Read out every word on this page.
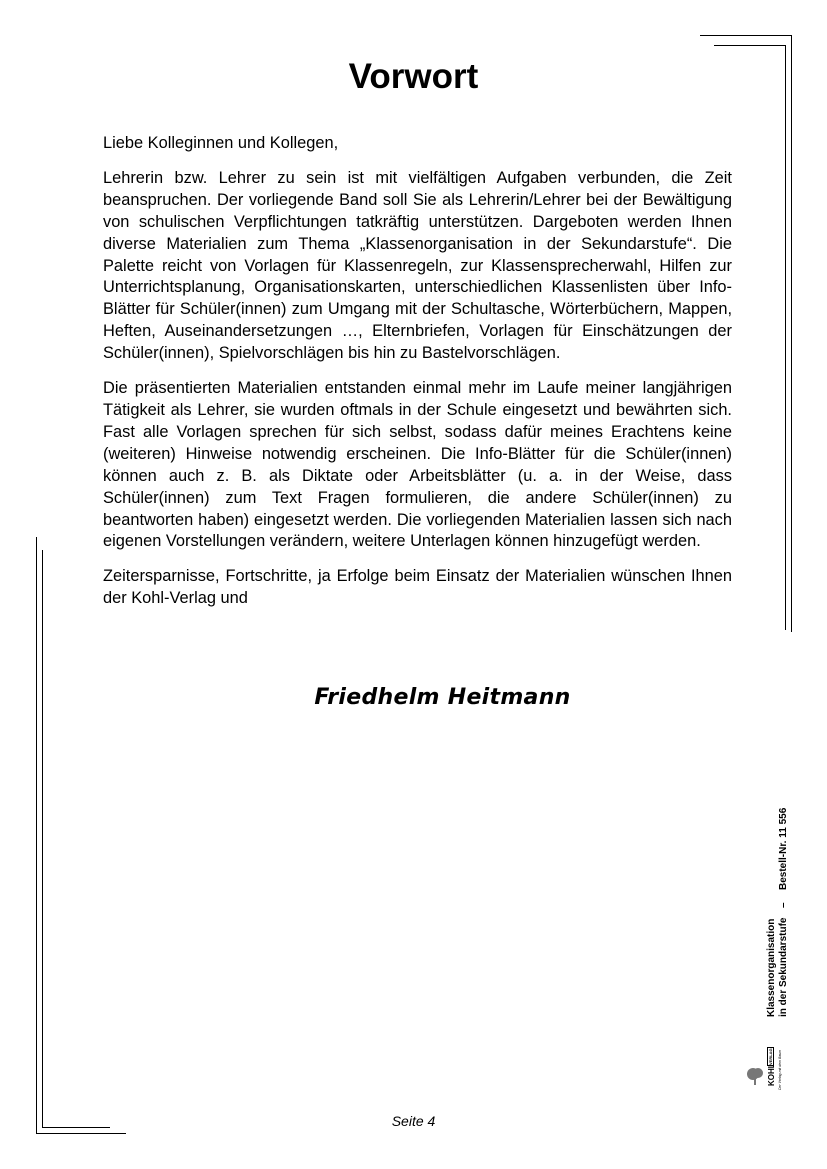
Vorwort

Liebe Kolleginnen und Kollegen,

Lehrerin bzw. Lehrer zu sein ist mit vielfältigen Aufgaben verbunden, die Zeit beanspruchen. Der vorliegende Band soll Sie als Lehrerin/Lehrer bei der Bewältigung von schulischen Verpflichtungen tatkräftig unterstützen. Dargeboten werden Ihnen diverse Materialien zum Thema „Klassenorganisation in der Sekundarstufe“. Die Palette reicht von Vorlagen für Klassenregeln, zur Klassensprecherwahl, Hilfen zur Unterrichtsplanung, Organisationskarten, unterschiedlichen Klassenlisten über Info-Blätter für Schüler(innen) zum Umgang mit der Schultasche, Wörterbüchern, Mappen, Heften, Auseinandersetzungen …, Elternbriefen, Vorlagen für Einschätzungen der Schüler(innen), Spielvorschlägen bis hin zu Bastelvorschlägen.

Die präsentierten Materialien entstanden einmal mehr im Laufe meiner langjährigen Tätigkeit als Lehrer, sie wurden oftmals in der Schule eingesetzt und bewährten sich. Fast alle Vorlagen sprechen für sich selbst, sodass dafür meines Erachtens keine (weiteren) Hinweise notwendig erscheinen. Die Info-Blätter für die Schüler(innen) können auch z. B. als Diktate oder Arbeitsblätter (u. a. in der Weise, dass Schüler(innen) zum Text Fragen formulieren, die andere Schüler(innen) zu beantworten haben) eingesetzt werden. Die vorliegenden Materialien lassen sich nach eigenen Vorstellungen verändern, weitere Unterlagen können hinzugefügt werden.

Zeitersparnisse, Fortschritte, ja Erfolge beim Einsatz der Materialien wünschen Ihnen der Kohl-Verlag und

Friedhelm Heitmann
Seite 4
Bestell-Nr. 11 556
–
Klassenorganisation in der Sekundarstufe
KOHL
VERLAG Der Verlag mit dem Baum
